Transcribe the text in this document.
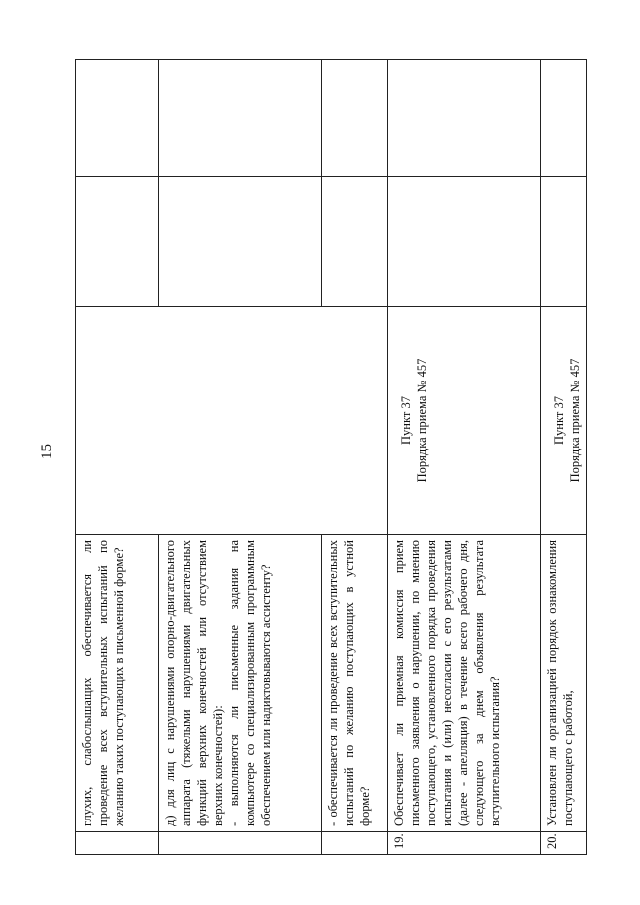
15

	глухих, слабослышащих обеспечивается ли проведение всех вступительных испытаний по желанию таких поступающих в письменной форме?			

	д) для лиц с нарушениями опорно-двигательного аппарата (тяжелыми нарушениями двигательных функций верхних конечностей или отсутствием верхних конечностей):
- выполняются ли письменные задания на компьютере со специализированным программным обеспечением или надиктовываются ассистенту?			

	- обеспечивается ли проведение всех вступительных испытаний по желанию поступающих в устной форме?			

19.	Обеспечивает ли приемная комиссия прием письменного заявления о нарушении, по мнению поступающего, установленного порядка проведения испытания и (или) несогласии с его результатами (далее - апелляция) в течение всего рабочего дня, следующего за днем объявления результата вступительного испытания?	Пункт 37 Порядка приема № 457		

20.	Установлен ли организацией порядок ознакомления поступающего с работой,	Пункт 37 Порядка приема № 457		
